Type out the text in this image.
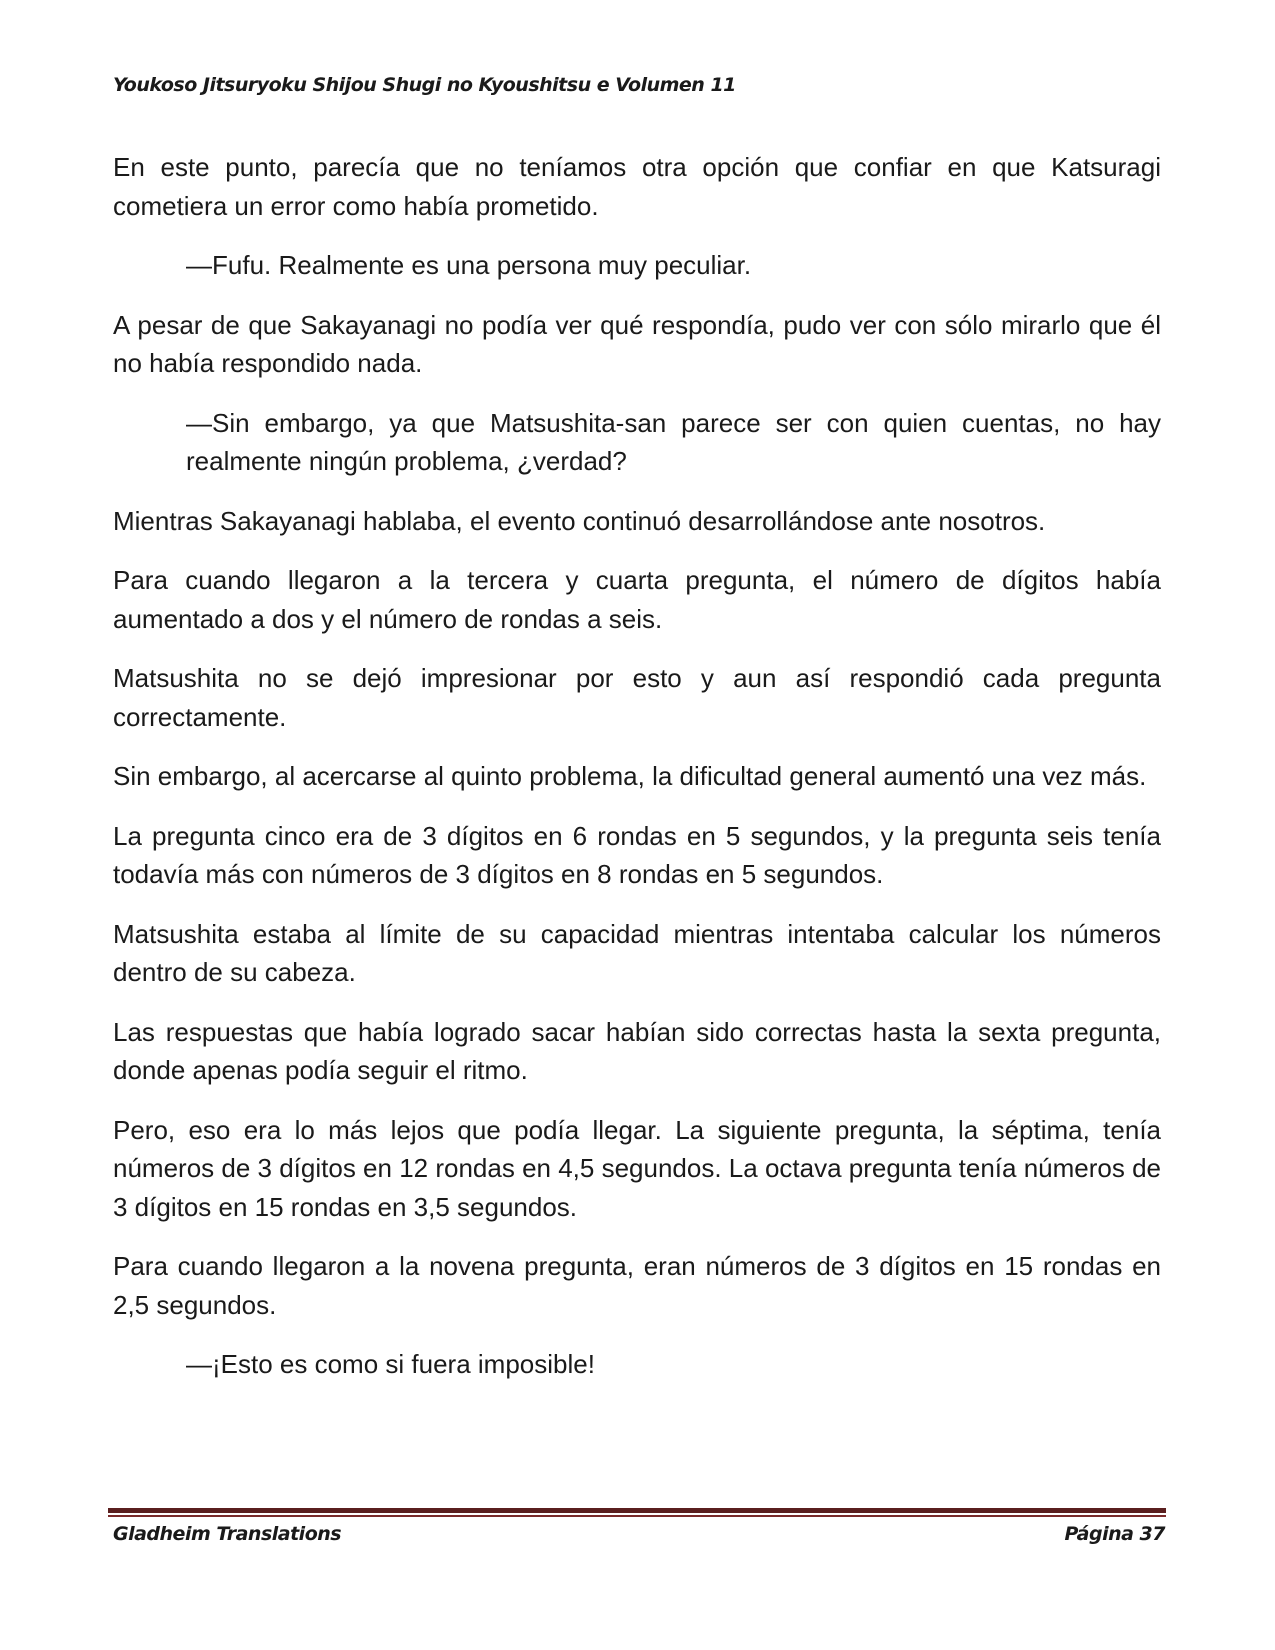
Youkoso Jitsuryoku Shijou Shugi no Kyoushitsu e Volumen 11

En este punto, parecía que no teníamos otra opción que confiar en que Katsuragi cometiera un error como había prometido.

—Fufu. Realmente es una persona muy peculiar.

A pesar de que Sakayanagi no podía ver qué respondía, pudo ver con sólo mirarlo que él no había respondido nada.

—Sin embargo, ya que Matsushita-san parece ser con quien cuentas, no hay realmente ningún problema, ¿verdad?

Mientras Sakayanagi hablaba, el evento continuó desarrollándose ante nosotros.

Para cuando llegaron a la tercera y cuarta pregunta, el número de dígitos había aumentado a dos y el número de rondas a seis.

Matsushita no se dejó impresionar por esto y aun así respondió cada pregunta correctamente.

Sin embargo, al acercarse al quinto problema, la dificultad general aumentó una vez más.

La pregunta cinco era de 3 dígitos en 6 rondas en 5 segundos, y la pregunta seis tenía todavía más con números de 3 dígitos en 8 rondas en 5 segundos.

Matsushita estaba al límite de su capacidad mientras intentaba calcular los números dentro de su cabeza.

Las respuestas que había logrado sacar habían sido correctas hasta la sexta pregunta, donde apenas podía seguir el ritmo.

Pero, eso era lo más lejos que podía llegar. La siguiente pregunta, la séptima, tenía números de 3 dígitos en 12 rondas en 4,5 segundos. La octava pregunta tenía números de 3 dígitos en 15 rondas en 3,5 segundos.

Para cuando llegaron a la novena pregunta, eran números de 3 dígitos en 15 rondas en 2,5 segundos.

—¡Esto es como si fuera imposible!

Gladheim Translations	Página 37
